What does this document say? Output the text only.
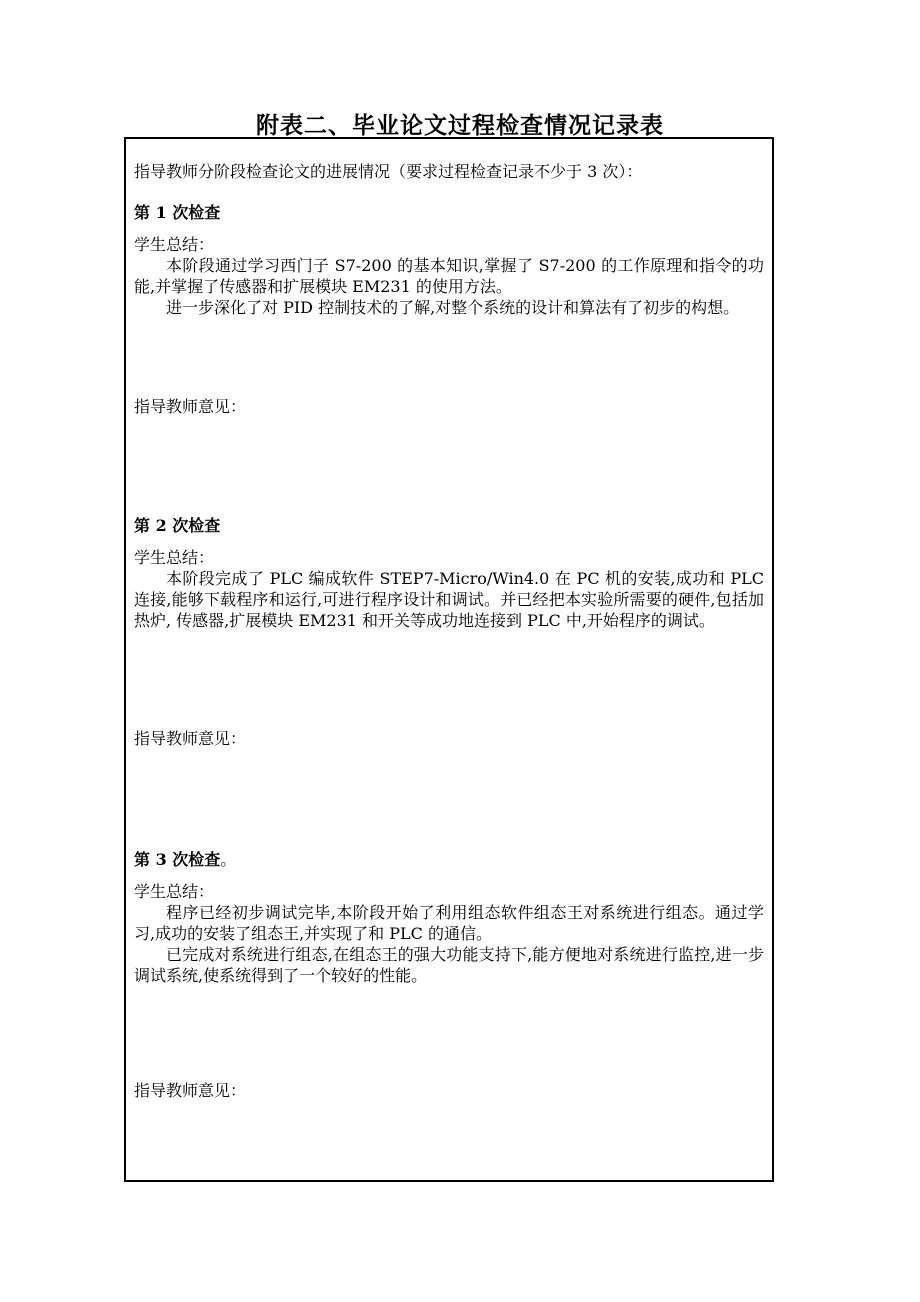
附表二、毕业论文过程检查情况记录表

指导教师分阶段检查论文的进展情况（要求过程检查记录不少于 3 次）：

第 1 次检查

学生总结：

本阶段通过学习西门子 S7-200 的基本知识,掌握了 S7-200 的工作原理和指令的功能,并掌握了传感器和扩展模块 EM231 的使用方法。

进一步深化了对 PID 控制技术的了解,对整个系统的设计和算法有了初步的构想。

指导教师意见：
第 2 次检查

学生总结：

本阶段完成了 PLC 编成软件 STEP7-Micro/Win4.0 在 PC 机的安装,成功和 PLC 连接,能够下载程序和运行,可进行程序设计和调试。并已经把本实验所需要的硬件,包括加热炉, 传感器,扩展模块 EM231 和开关等成功地连接到 PLC 中,开始程序的调试。

指导教师意见：
第 3 次检查。

学生总结：

程序已经初步调试完毕,本阶段开始了利用组态软件组态王对系统进行组态。通过学习,成功的安装了组态王,并实现了和 PLC 的通信。

已完成对系统进行组态,在组态王的强大功能支持下,能方便地对系统进行监控,进一步调试系统,使系统得到了一个较好的性能。

指导教师意见：
